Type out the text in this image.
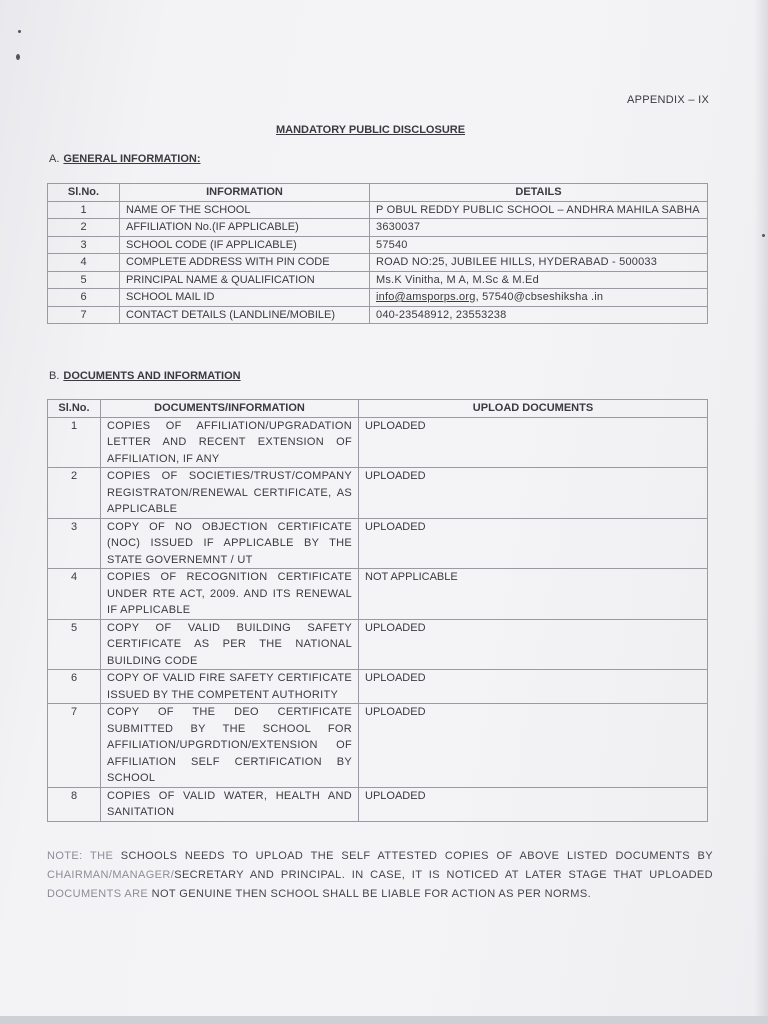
APPENDIX – IX
MANDATORY PUBLIC DISCLOSURE
A. GENERAL INFORMATION:
Sl.No.	INFORMATION	DETAILS
1	NAME OF THE SCHOOL	P OBUL REDDY PUBLIC SCHOOL – ANDHRA MAHILA SABHA
2	AFFILIATION No.(IF APPLICABLE)	3630037
3	SCHOOL CODE (IF APPLICABLE)	57540
4	COMPLETE ADDRESS WITH PIN CODE	ROAD NO:25, JUBILEE HILLS, HYDERABAD - 500033
5	PRINCIPAL NAME & QUALIFICATION	Ms.K Vinitha, M A, M.Sc & M.Ed
6	SCHOOL MAIL ID	info@amsporps.org, 57540@cbseshiksha .in
7	CONTACT DETAILS (LANDLINE/MOBILE)	040-23548912, 23553238
B. DOCUMENTS AND INFORMATION
Sl.No.	DOCUMENTS/INFORMATION	UPLOAD DOCUMENTS
1	COPIES OF AFFILIATION/UPGRADATION LETTER AND RECENT EXTENSION OF AFFILIATION, IF ANY	UPLOADED
2	COPIES OF SOCIETIES/TRUST/COMPANY REGISTRATON/RENEWAL CERTIFICATE, AS APPLICABLE	UPLOADED
3	COPY OF NO OBJECTION CERTIFICATE (NOC) ISSUED IF APPLICABLE BY THE STATE GOVERNEMNT / UT	UPLOADED
4	COPIES OF RECOGNITION CERTIFICATE UNDER RTE ACT, 2009. AND ITS RENEWAL IF APPLICABLE	NOT APPLICABLE
5	COPY OF VALID BUILDING SAFETY CERTIFICATE AS PER THE NATIONAL BUILDING CODE	UPLOADED
6	COPY OF VALID FIRE SAFETY CERTIFICATE ISSUED BY THE COMPETENT AUTHORITY	UPLOADED
7	COPY OF THE DEO CERTIFICATE SUBMITTED BY THE SCHOOL FOR AFFILIATION/UPGRDTION/EXTENSION OF AFFILIATION SELF CERTIFICATION BY SCHOOL	UPLOADED
8	COPIES OF VALID WATER, HEALTH AND SANITATION	UPLOADED
NOTE: THE SCHOOLS NEEDS TO UPLOAD THE SELF ATTESTED COPIES OF ABOVE LISTED DOCUMENTS BY CHAIRMAN/MANAGER/SECRETARY AND PRINCIPAL. IN CASE, IT IS NOTICED AT LATER STAGE THAT UPLOADED DOCUMENTS ARE NOT GENUINE THEN SCHOOL SHALL BE LIABLE FOR ACTION AS PER NORMS.
